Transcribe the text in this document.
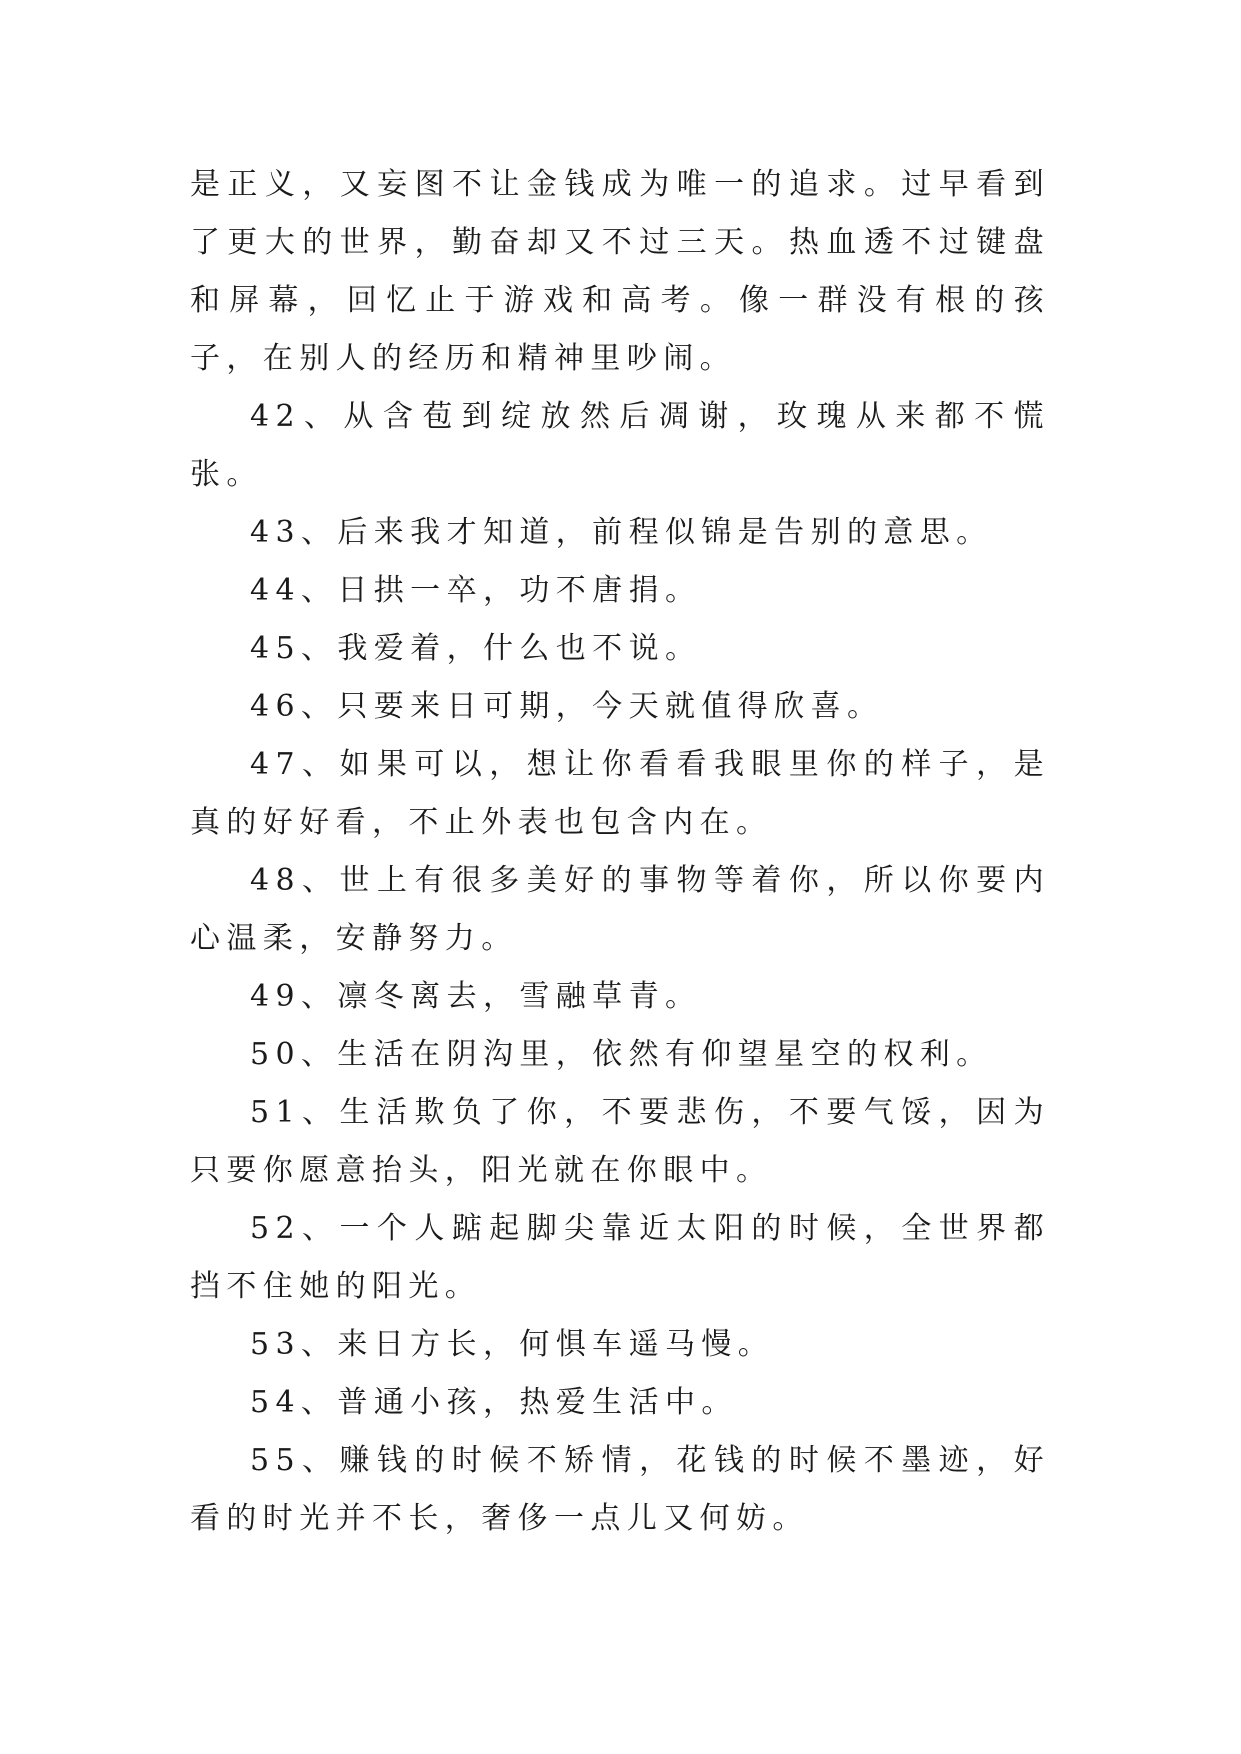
是正义，又妄图不让金钱成为唯一的追求。过早看到了更大的世界，勤奋却又不过三天。热血透不过键盘和屏幕，回忆止于游戏和高考。像一群没有根的孩子，在别人的经历和精神里吵闹。

42、从含苞到绽放然后凋谢，玫瑰从来都不慌张。

43、后来我才知道，前程似锦是告别的意思。

44、日拱一卒，功不唐捐。

45、我爱着，什么也不说。

46、只要来日可期，今天就值得欣喜。

47、如果可以，想让你看看我眼里你的样子，是真的好好看，不止外表也包含内在。

48、世上有很多美好的事物等着你，所以你要内心温柔，安静努力。

49、凛冬离去，雪融草青。

50、生活在阴沟里，依然有仰望星空的权利。

51、生活欺负了你，不要悲伤，不要气馁，因为只要你愿意抬头，阳光就在你眼中。

52、一个人踮起脚尖靠近太阳的时候，全世界都挡不住她的阳光。

53、来日方长，何惧车遥马慢。

54、普通小孩，热爱生活中。

55、赚钱的时候不矫情，花钱的时候不墨迹，好看的时光并不长，奢侈一点儿又何妨。
